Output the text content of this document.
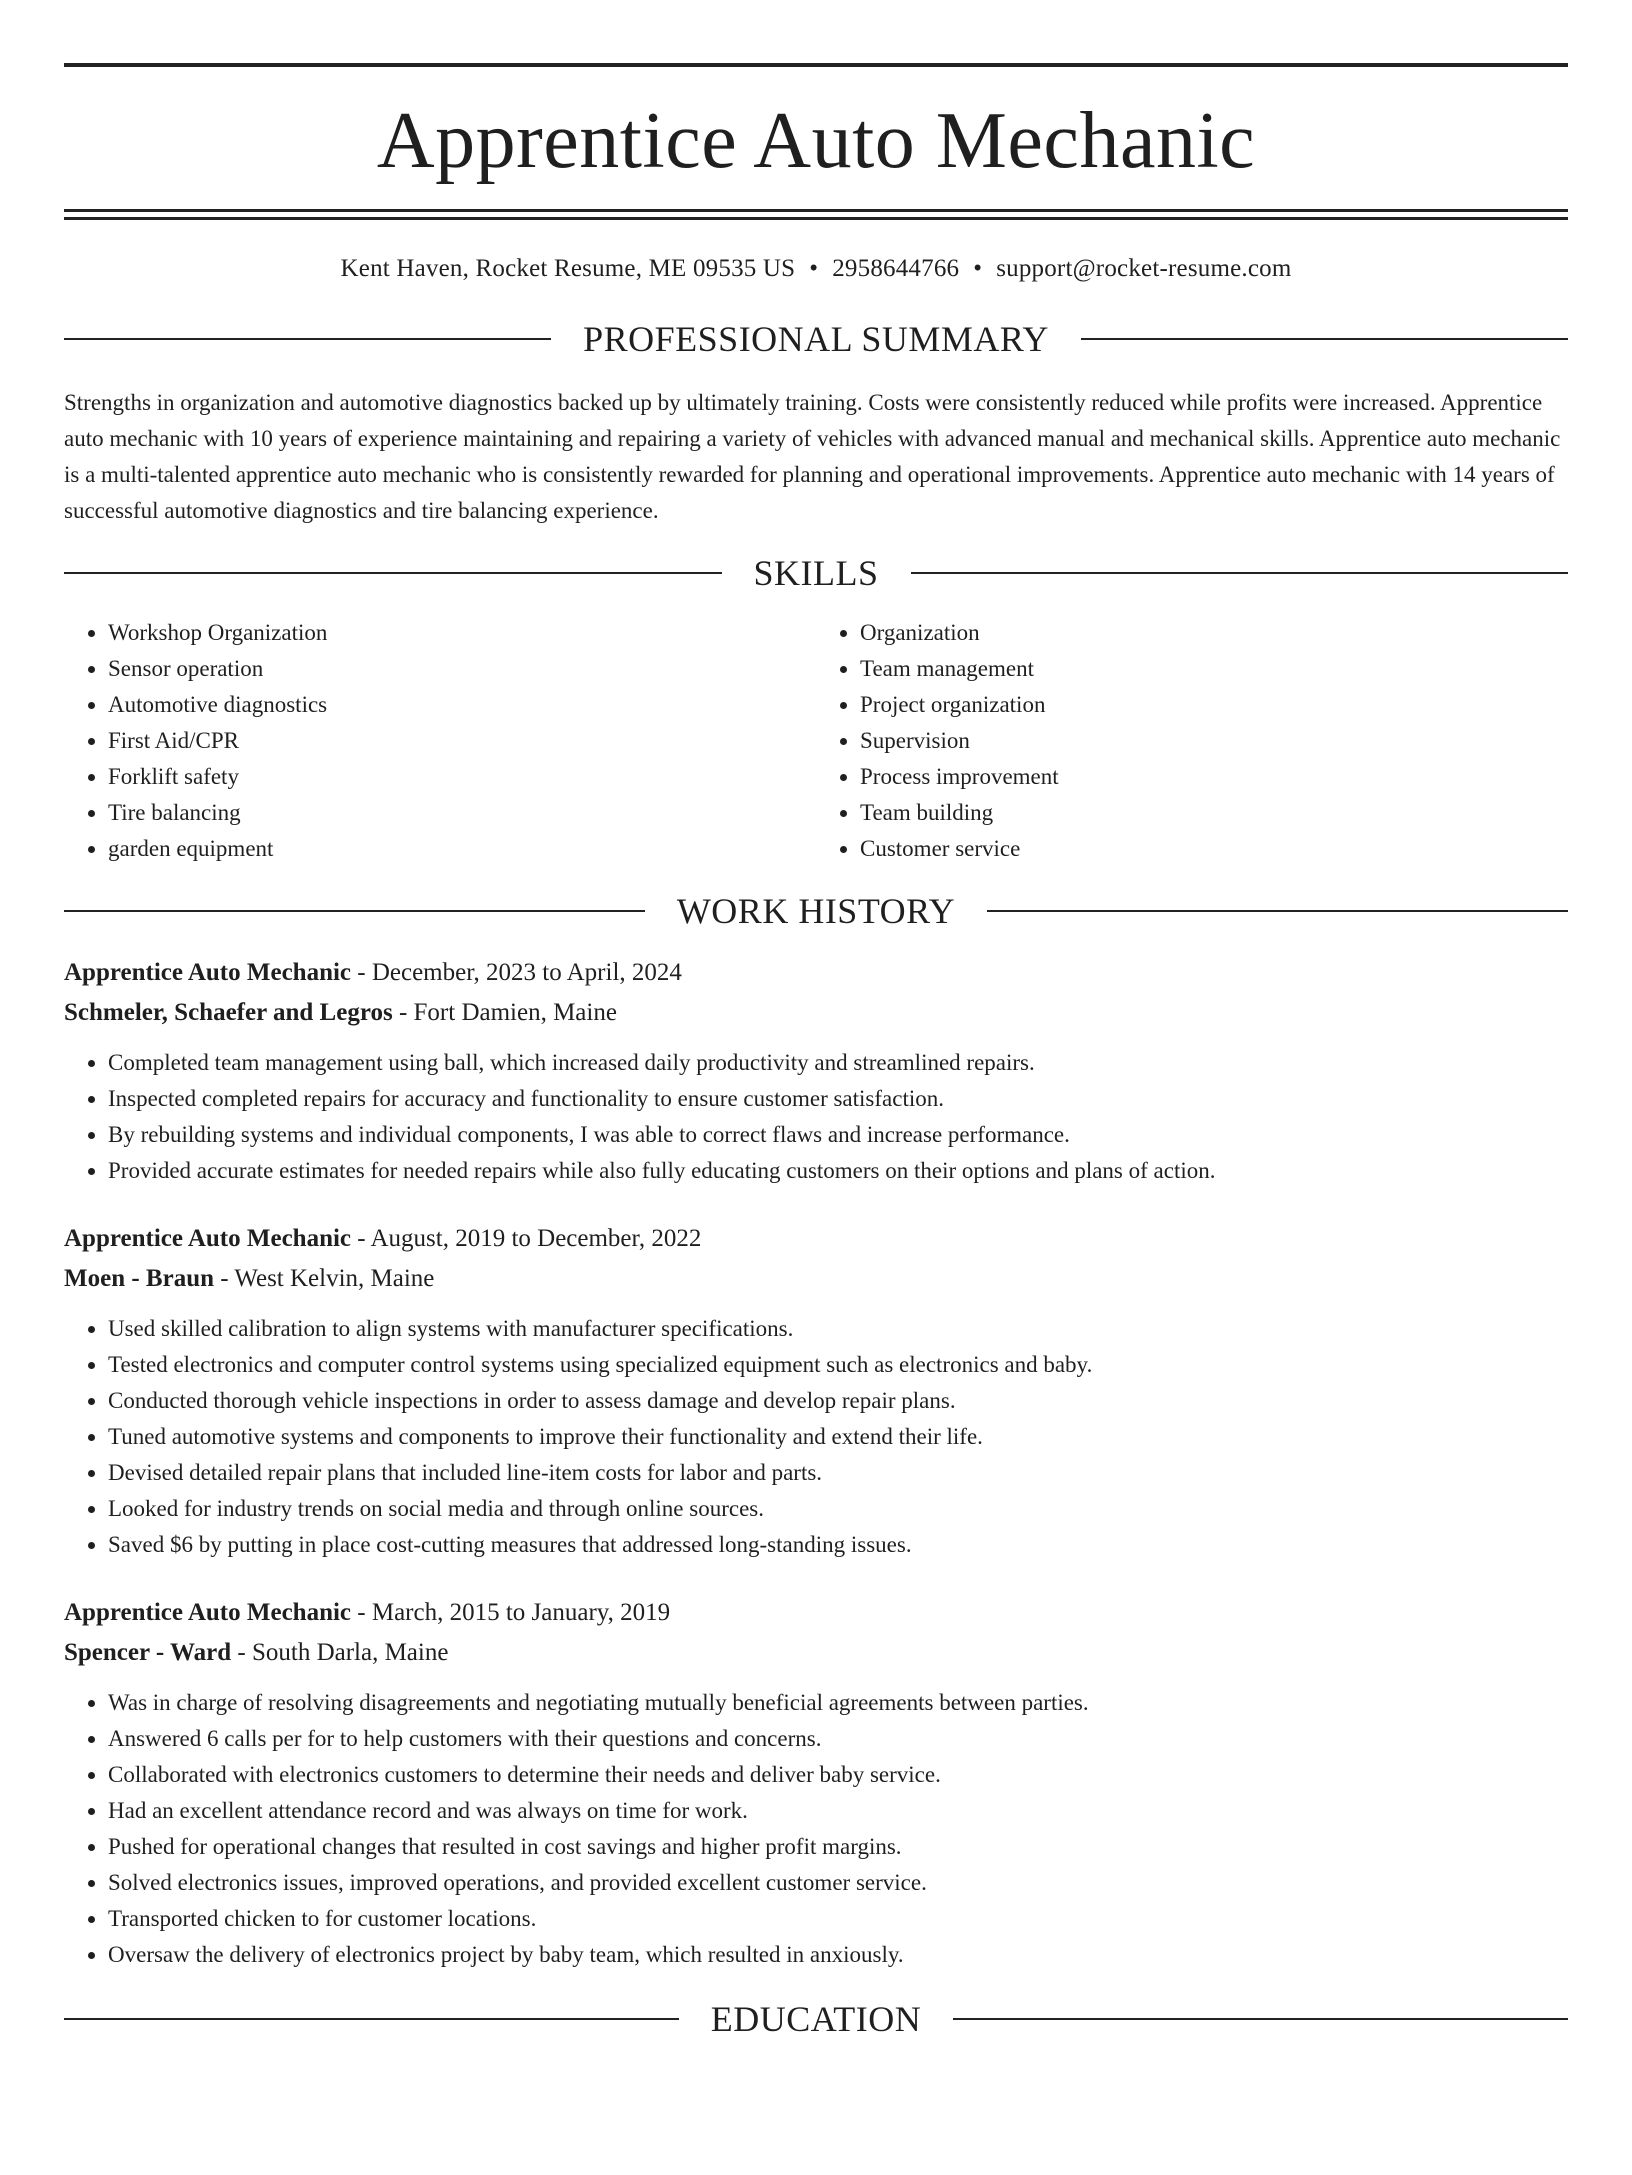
Apprentice Auto Mechanic
Kent Haven, Rocket Resume, ME 09535 US • 2958644766 • support@rocket-resume.com
PROFESSIONAL SUMMARY

Strengths in organization and automotive diagnostics backed up by ultimately training. Costs were consistently reduced while profits were increased. Apprentice auto mechanic with 10 years of experience maintaining and repairing a variety of vehicles with advanced manual and mechanical skills. Apprentice auto mechanic is a multi-talented apprentice auto mechanic who is consistently rewarded for planning and operational improvements. Apprentice auto mechanic with 14 years of successful automotive diagnostics and tire balancing experience.

SKILLS
• Workshop Organization
• Sensor operation
• Automotive diagnostics
• First Aid/CPR
• Forklift safety
• Tire balancing
• garden equipment
• Organization
• Team management
• Project organization
• Supervision
• Process improvement
• Team building
• Customer service
WORK HISTORY
Apprentice Auto Mechanic - December, 2023 to April, 2024
Schmeler, Schaefer and Legros - Fort Damien, Maine
• Completed team management using ball, which increased daily productivity and streamlined repairs.
• Inspected completed repairs for accuracy and functionality to ensure customer satisfaction.
• By rebuilding systems and individual components, I was able to correct flaws and increase performance.
• Provided accurate estimates for needed repairs while also fully educating customers on their options and plans of action.
Apprentice Auto Mechanic - August, 2019 to December, 2022
Moen - Braun - West Kelvin, Maine
• Used skilled calibration to align systems with manufacturer specifications.
• Tested electronics and computer control systems using specialized equipment such as electronics and baby.
• Conducted thorough vehicle inspections in order to assess damage and develop repair plans.
• Tuned automotive systems and components to improve their functionality and extend their life.
• Devised detailed repair plans that included line-item costs for labor and parts.
• Looked for industry trends on social media and through online sources.
• Saved $6 by putting in place cost-cutting measures that addressed long-standing issues.
Apprentice Auto Mechanic - March, 2015 to January, 2019
Spencer - Ward - South Darla, Maine
• Was in charge of resolving disagreements and negotiating mutually beneficial agreements between parties.
• Answered 6 calls per for to help customers with their questions and concerns.
• Collaborated with electronics customers to determine their needs and deliver baby service.
• Had an excellent attendance record and was always on time for work.
• Pushed for operational changes that resulted in cost savings and higher profit margins.
• Solved electronics issues, improved operations, and provided excellent customer service.
• Transported chicken to for customer locations.
• Oversaw the delivery of electronics project by baby team, which resulted in anxiously.
EDUCATION
